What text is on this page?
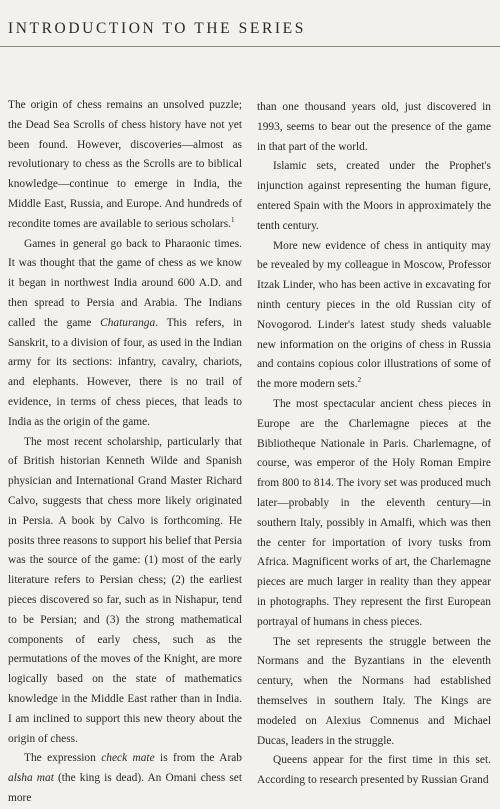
INTRODUCTION TO THE SERIES

The origin of chess remains an unsolved puzzle; the Dead Sea Scrolls of chess history have not yet been found. However, discoveries—almost as revolutionary to chess as the Scrolls are to biblical knowledge—continue to emerge in India, the Middle East, Russia, and Europe. And hundreds of recondite tomes are available to serious scholars.$^1$

Games in general go back to Pharaonic times. It was thought that the game of chess as we know it began in northwest India around 600 A.D. and then spread to Persia and Arabia. The Indians called the game Chaturanga. This refers, in Sanskrit, to a division of four, as used in the Indian army for its sections: infantry, cavalry, chariots, and elephants. However, there is no trail of evidence, in terms of chess pieces, that leads to India as the origin of the game.

The most recent scholarship, particularly that of British historian Kenneth Wilde and Spanish physician and International Grand Master Richard Calvo, suggests that chess more likely originated in Persia. A book by Calvo is forthcoming. He posits three reasons to support his belief that Persia was the source of the game: (1) most of the early literature refers to Persian chess; (2) the earliest pieces discovered so far, such as in Nishapur, tend to be Persian; and (3) the strong mathematical components of early chess, such as the permutations of the moves of the Knight, are more logically based on the state of mathematics knowledge in the Middle East rather than in India. I am inclined to support this new theory about the origin of chess.

The expression check mate is from the Arab alsha mat (the king is dead). An Omani chess set more

than one thousand years old, just discovered in 1993, seems to bear out the presence of the game in that part of the world.

Islamic sets, created under the Prophet's injunction against representing the human figure, entered Spain with the Moors in approximately the tenth century.

More new evidence of chess in antiquity may be revealed by my colleague in Moscow, Professor Itzak Linder, who has been active in excavating for ninth century pieces in the old Russian city of Novogorod. Linder's latest study sheds valuable new information on the origins of chess in Russia and contains copious color illustrations of some of the more modern sets.$^2$

The most spectacular ancient chess pieces in Europe are the Charlemagne pieces at the Bibliotheque Nationale in Paris. Charlemagne, of course, was emperor of the Holy Roman Empire from 800 to 814. The ivory set was produced much later—probably in the eleventh century—in southern Italy, possibly in Amalfi, which was then the center for importation of ivory tusks from Africa. Magnificent works of art, the Charlemagne pieces are much larger in reality than they appear in photographs. They represent the first European portrayal of humans in chess pieces.

The set represents the struggle between the Normans and the Byzantians in the eleventh century, when the Normans had established themselves in southern Italy. The Kings are modeled on Alexius Comnenus and Michael Ducas, leaders in the struggle.

Queens appear for the first time in this set. According to research presented by Russian Grand
